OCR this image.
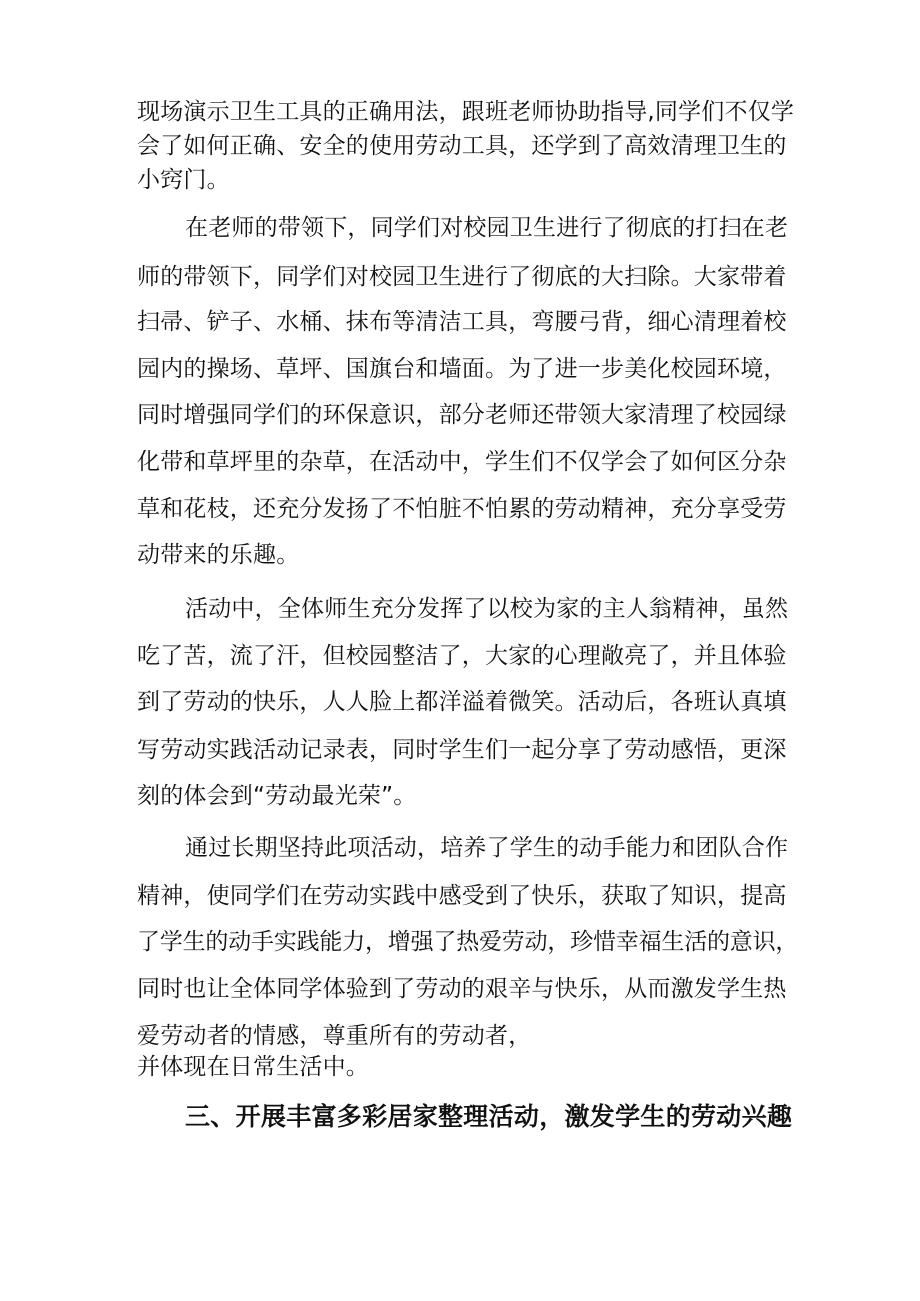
现场演示卫生工具的正确用法，跟班老师协助指导,同学们不仅学
会了如何正确、安全的使用劳动工具，还学到了高效清理卫生的
小窍门。
在老师的带领下，同学们对校园卫生进行了彻底的打扫在老
师的带领下，同学们对校园卫生进行了彻底的大扫除。大家带着
扫帚、铲子、水桶、抹布等清洁工具，弯腰弓背，细心清理着校
园内的操场、草坪、国旗台和墙面。为了进一步美化校园环境，
同时增强同学们的环保意识，部分老师还带领大家清理了校园绿
化带和草坪里的杂草，在活动中，学生们不仅学会了如何区分杂
草和花枝，还充分发扬了不怕脏不怕累的劳动精神，充分享受劳
动带来的乐趣。
活动中，全体师生充分发挥了以校为家的主人翁精神，虽然
吃了苦，流了汗，但校园整洁了，大家的心理敞亮了，并且体验
到了劳动的快乐，人人脸上都洋溢着微笑。活动后，各班认真填
写劳动实践活动记录表，同时学生们一起分享了劳动感悟，更深
刻的体会到“劳动最光荣”。
通过长期坚持此项活动，培养了学生的动手能力和团队合作
精神，使同学们在劳动实践中感受到了快乐，获取了知识，提高
了学生的动手实践能力，增强了热爱劳动，珍惜幸福生活的意识，
同时也让全体同学体验到了劳动的艰辛与快乐，从而激发学生热
爱劳动者的情感，尊重所有的劳动者，
并体现在日常生活中。
三、开展丰富多彩居家整理活动，激发学生的劳动兴趣
